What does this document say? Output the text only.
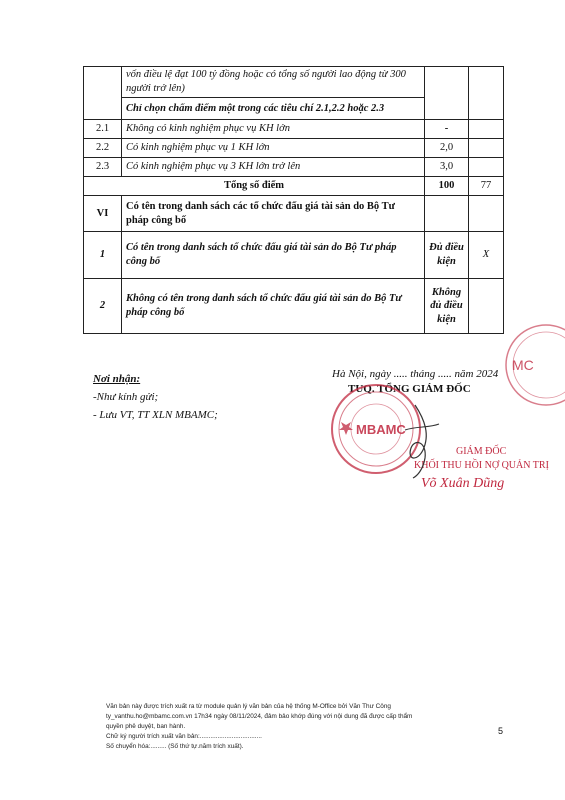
	vốn điều lệ đạt 100 tỷ đồng hoặc có tổng số người lao động từ 300 người trở lên)		
	Chỉ chọn chấm điểm một trong các tiêu chí 2.1,2.2 hoặc 2.3		
2.1	Không có kinh nghiệm phục vụ KH lớn	-	
2.2	Có kinh nghiệm phục vụ 1 KH lớn	2,0	
2.3	Có kinh nghiệm phục vụ 3 KH lớn trở lên	3,0	
Tổng số điểm		100	77
VI	Có tên trong danh sách các tổ chức đấu giá tài sản do Bộ Tư pháp công bố		
1	Có tên trong danh sách tổ chức đấu giá tài sản do Bộ Tư pháp công bố	Đủ điều kiện	X
2	Không có tên trong danh sách tổ chức đấu giá tài sản do Bộ Tư pháp công bố	Không đủ điều kiện	
Nơi nhận:
-Như kính gửi;
- Lưu VT, TT XLN MBAMC;
MC
Hà Nội, ngày ..... tháng ..... năm 2024
TUQ. TỔNG GIÁM ĐỐC
GIÁM ĐỐC
KHỐI THU HỒI NỢ QUẢN TRỊ
Võ Xuân Dũng
MBAMC
Văn bản này được trích xuất ra từ module quản lý văn bản của hệ thống M-Office bởi Văn Thư Công
ty_vanthu.ho@mbamc.com.vn 17h34 ngày 08/11/2024, đảm bảo khớp đúng với nội dung đã được cấp thẩm
quyền phê duyệt, ban hành.
Chữ ký người trích xuất văn bản:...................................
Số chuyển hóa:......... (Số thứ tự.năm trích xuất).
5
